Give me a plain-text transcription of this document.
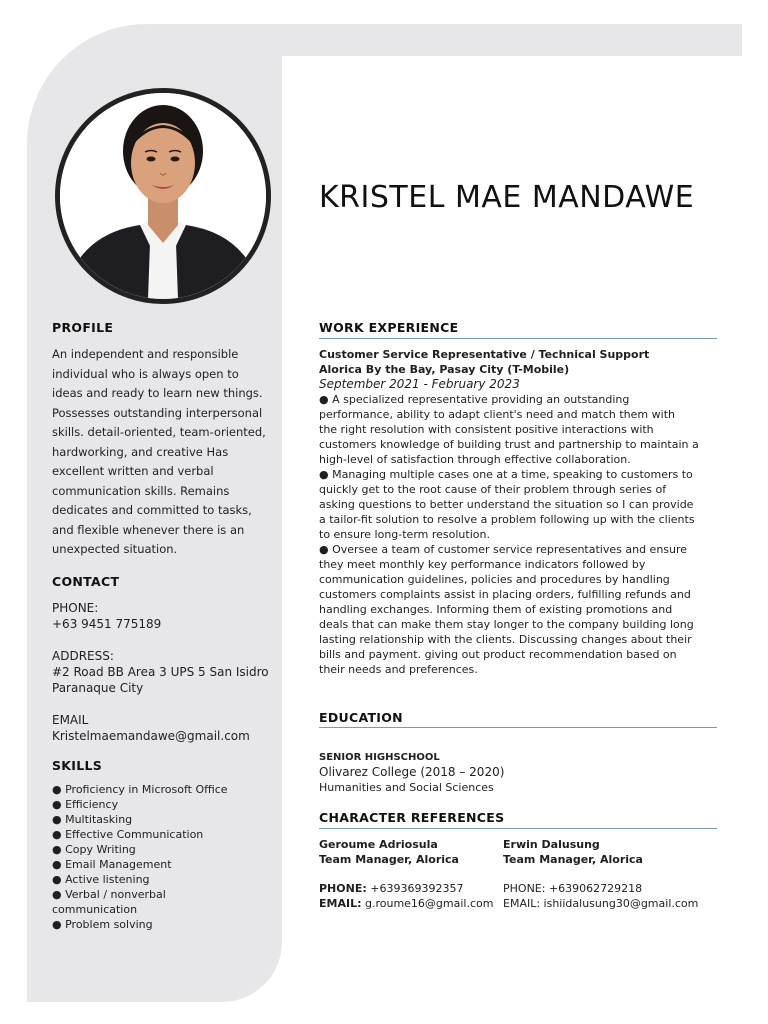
KRISTEL MAE MANDAWE
PROFILE
An independent and responsible
individual who is always open to
ideas and ready to learn new things.
Possesses outstanding interpersonal
skills. detail-oriented, team-oriented,
hardworking, and creative Has
excellent written and verbal
communication skills. Remains
dedicates and committed to tasks,
and flexible whenever there is an
unexpected situation.
CONTACT
PHONE:
+63 9451 775189
ADDRESS:
#2 Road BB Area 3 UPS 5 San Isidro
Paranaque City
EMAIL
Kristelmaemandawe@gmail.com
SKILLS
● Proficiency in Microsoft Office
● Efficiency
● Multitasking
● Effective Communication
● Copy Writing
● Email Management
● Active listening
● Verbal / nonverbal
communication
● Problem solving
WORK EXPERIENCE
Customer Service Representative / Technical Support
Alorica By the Bay, Pasay City (T-Mobile)
September 2021 - February 2023
● A specialized representative providing an outstanding
performance, ability to adapt client's need and match them with
the right resolution with consistent positive interactions with
customers knowledge of building trust and partnership to maintain a
high-level of satisfaction through effective collaboration.
● Managing multiple cases one at a time, speaking to customers to
quickly get to the root cause of their problem through series of
asking questions to better understand the situation so I can provide
a tailor-fit solution to resolve a problem following up with the clients
to ensure long-term resolution.
● Oversee a team of customer service representatives and ensure
they meet monthly key performance indicators followed by
communication guidelines, policies and procedures by handling
customers complaints assist in placing orders, fulfilling refunds and
handling exchanges. Informing them of existing promotions and
deals that can make them stay longer to the company building long
lasting relationship with the clients. Discussing changes about their
bills and payment. giving out product recommendation based on
their needs and preferences.
EDUCATION
SENIOR HIGHSCHOOL
Olivarez College (2018 – 2020)
Humanities and Social Sciences
CHARACTER REFERENCES
Geroume Adriosula
Team Manager, Alorica
PHONE: +639369392357
EMAIL: g.roume16@gmail.com
Erwin Dalusung
Team Manager, Alorica
PHONE: +639062729218
EMAIL: ishiidalusung30@gmail.com
